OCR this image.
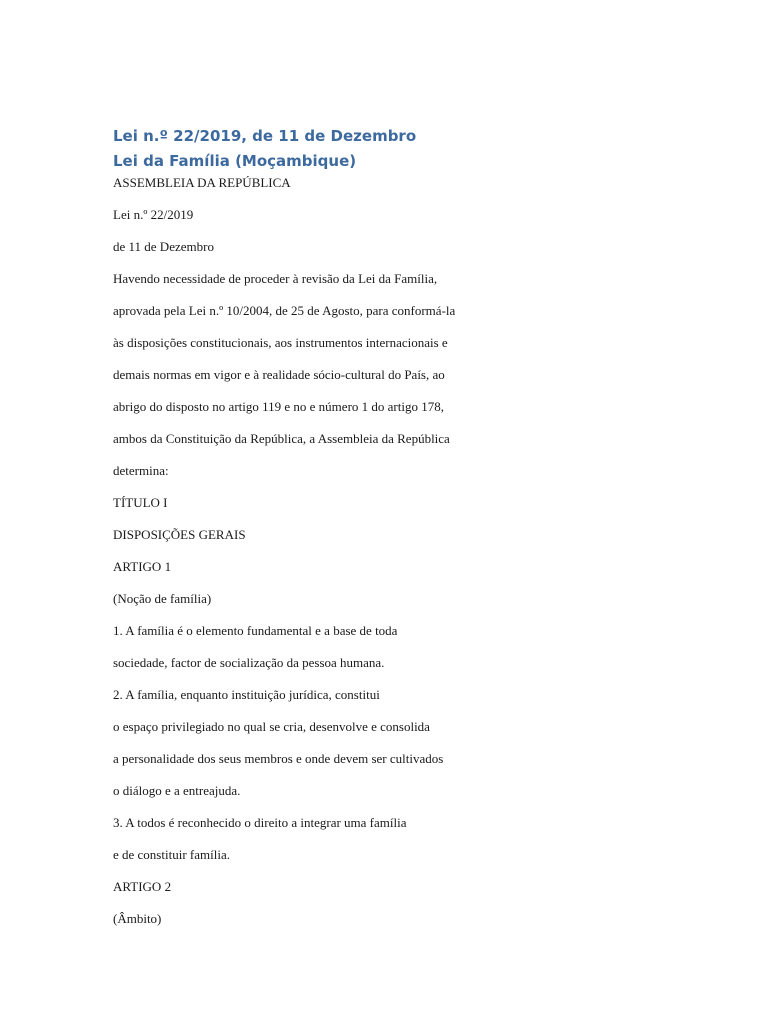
Lei n.º 22/2019, de 11 de Dezembro
Lei da Família (Moçambique)

ASSEMBLEIA DA REPÚBLICA

Lei n.º 22/2019

de 11 de Dezembro

Havendo necessidade de proceder à revisão da Lei da Família,

aprovada pela Lei n.º 10/2004, de 25 de Agosto, para conformá-la

às disposições constitucionais, aos instrumentos internacionais e

demais normas em vigor e à realidade sócio-cultural do País, ao

abrigo do disposto no artigo 119 e no e número 1 do artigo 178,

ambos da Constituição da República, a Assembleia da República

determina:

TÍTULO I

DISPOSIÇÕES GERAIS

ARTIGO 1

(Noção de família)

1. A família é o elemento fundamental e a base de toda

sociedade, factor de socialização da pessoa humana.

2. A família, enquanto instituição jurídica, constitui

o espaço privilegiado no qual se cria, desenvolve e consolida

a personalidade dos seus membros e onde devem ser cultivados

o diálogo e a entreajuda.

3. A todos é reconhecido o direito a integrar uma família

e de constituir família.

ARTIGO 2

(Âmbito)
